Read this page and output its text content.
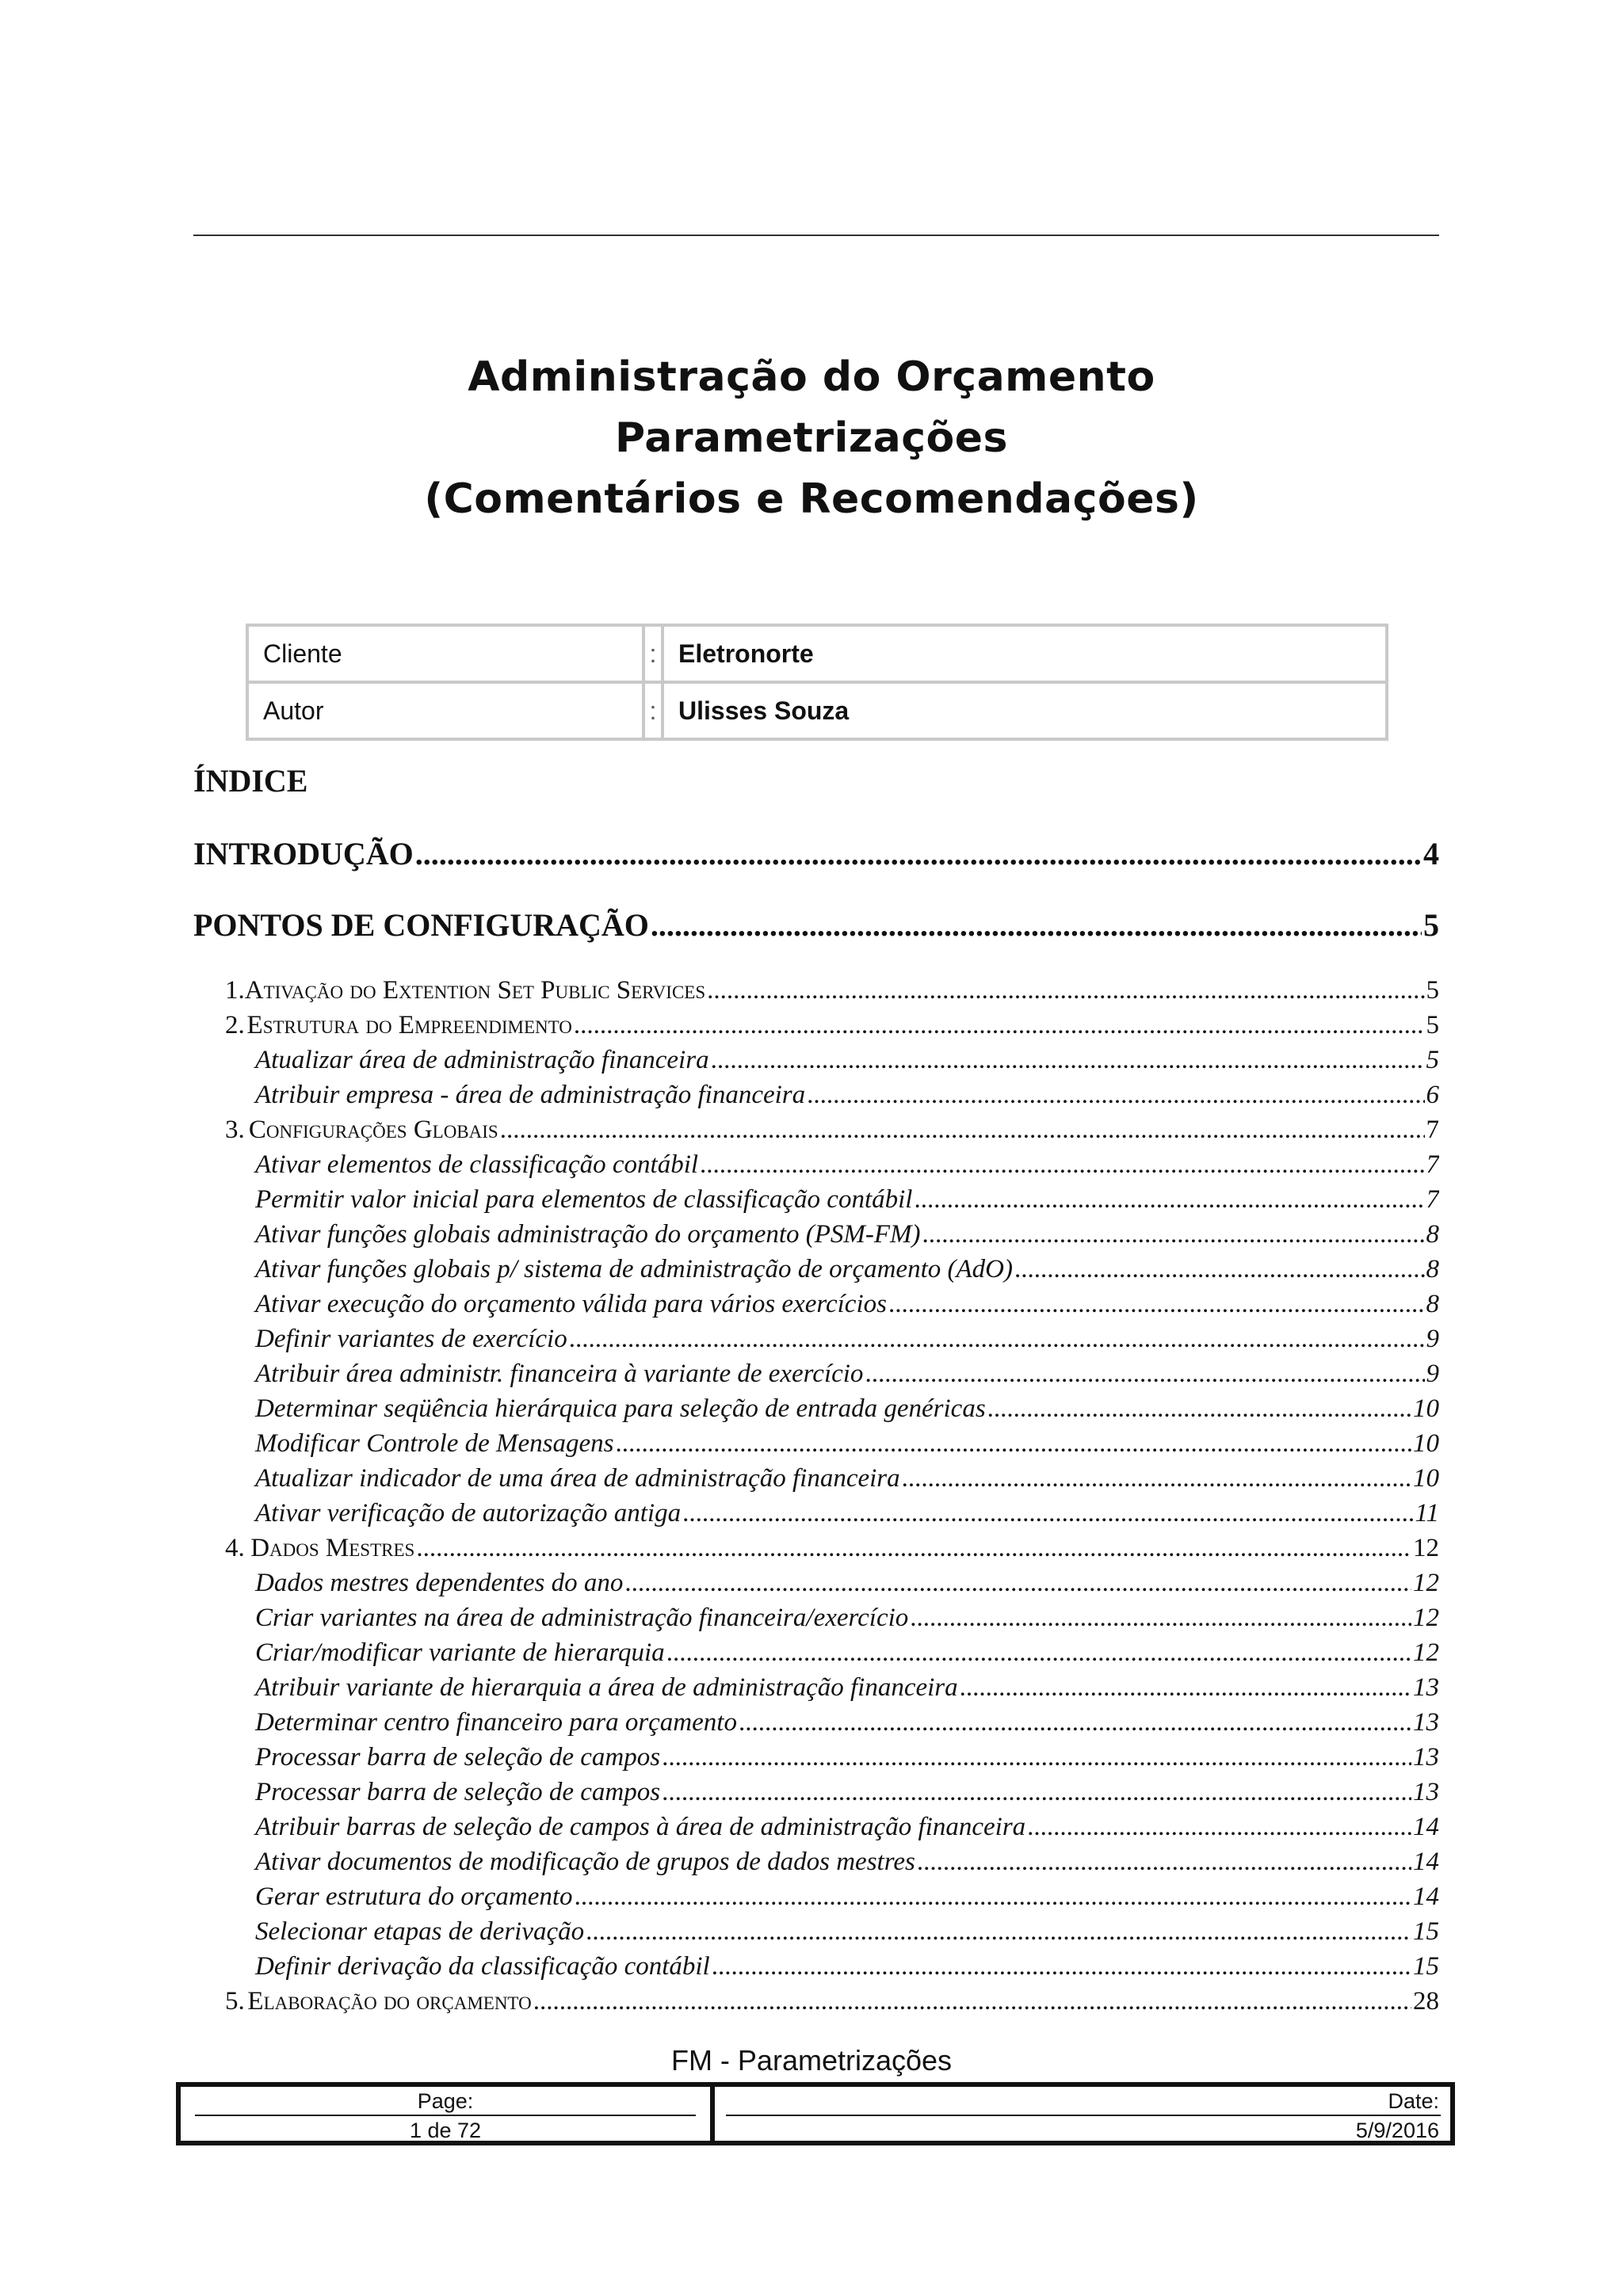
Administração do Orçamento
Parametrizações
(Comentários e Recomendações)
Cliente	:	Eletronorte
Autor	:	Ulisses Souza
ÍNDICE
INTRODUÇÃO .....	4
PONTOS DE CONFIGURAÇÃO .....	5
1. Ativação do Extention Set Public Services .....	5
2. Estrutura do Empreendimento .....	5
Atualizar área de administração financeira .....	5
Atribuir empresa - área de administração financeira .....	6
3. Configurações Globais .....	7
Ativar elementos de classificação contábil .....	7
Permitir valor inicial para elementos de classificação contábil .....	7
Ativar funções globais administração do orçamento (PSM-FM) .....	8
Ativar funções globais p/ sistema de administração de orçamento (AdO) .....	8
Ativar execução do orçamento válida para vários exercícios .....	8
Definir variantes de exercício .....	9
Atribuir área administr. financeira à variante de exercício .....	9
Determinar seqüência hierárquica para seleção de entrada genéricas .....	10
Modificar Controle de Mensagens .....	10
Atualizar indicador de uma área de administração financeira .....	10
Ativar verificação de autorização antiga .....	11
4. Dados Mestres .....	12
Dados mestres dependentes do ano .....	12
Criar variantes na área de administração financeira/exercício .....	12
Criar/modificar variante de hierarquia .....	12
Atribuir variante de hierarquia a área de administração financeira .....	13
Determinar centro financeiro para orçamento .....	13
Processar barra de seleção de campos .....	13
Processar barra de seleção de campos .....	13
Atribuir barras de seleção de campos à área de administração financeira .....	14
Ativar documentos de modificação de grupos de dados mestres .....	14
Gerar estrutura do orçamento .....	14
Selecionar etapas de derivação .....	15
Definir derivação da classificação contábil .....	15
5. Elaboração do orçamento .....	28
FM - Parametrizações
Page:
1 de 72
Date:
5/9/2016
